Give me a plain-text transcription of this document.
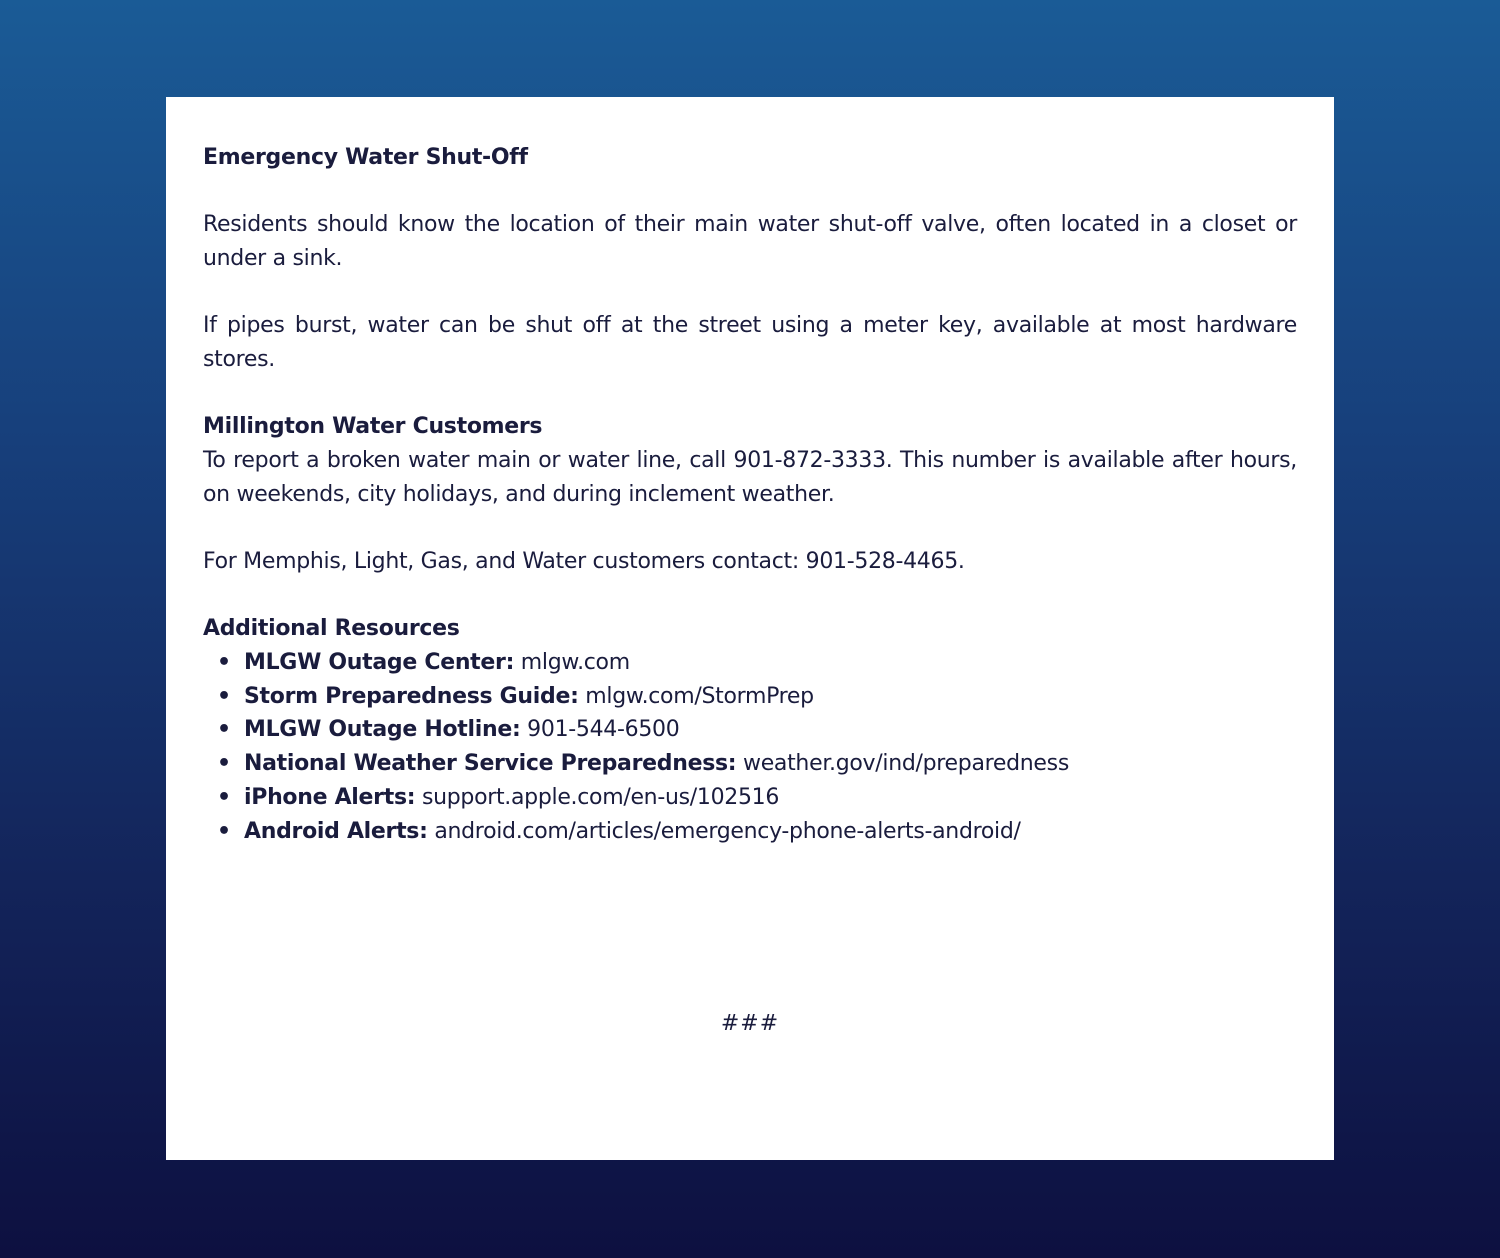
Emergency Water Shut-Off

Residents should know the location of their main water shut-off valve, often located in a closet or under a sink.

If pipes burst, water can be shut off at the street using a meter key, available at most hardware stores.

Millington Water Customers

To report a broken water main or water line, call 901-872-3333. This number is available after hours, on weekends, city holidays, and during inclement weather.

For Memphis, Light, Gas, and Water customers contact: 901-528-4465.

Additional Resources

• MLGW Outage Center: mlgw.com
• Storm Preparedness Guide: mlgw.com/StormPrep
• MLGW Outage Hotline: 901-544-6500
• National Weather Service Preparedness: weather.gov/ind/preparedness
• iPhone Alerts: support.apple.com/en-us/102516
• Android Alerts: android.com/articles/emergency-phone-alerts-android/
###
